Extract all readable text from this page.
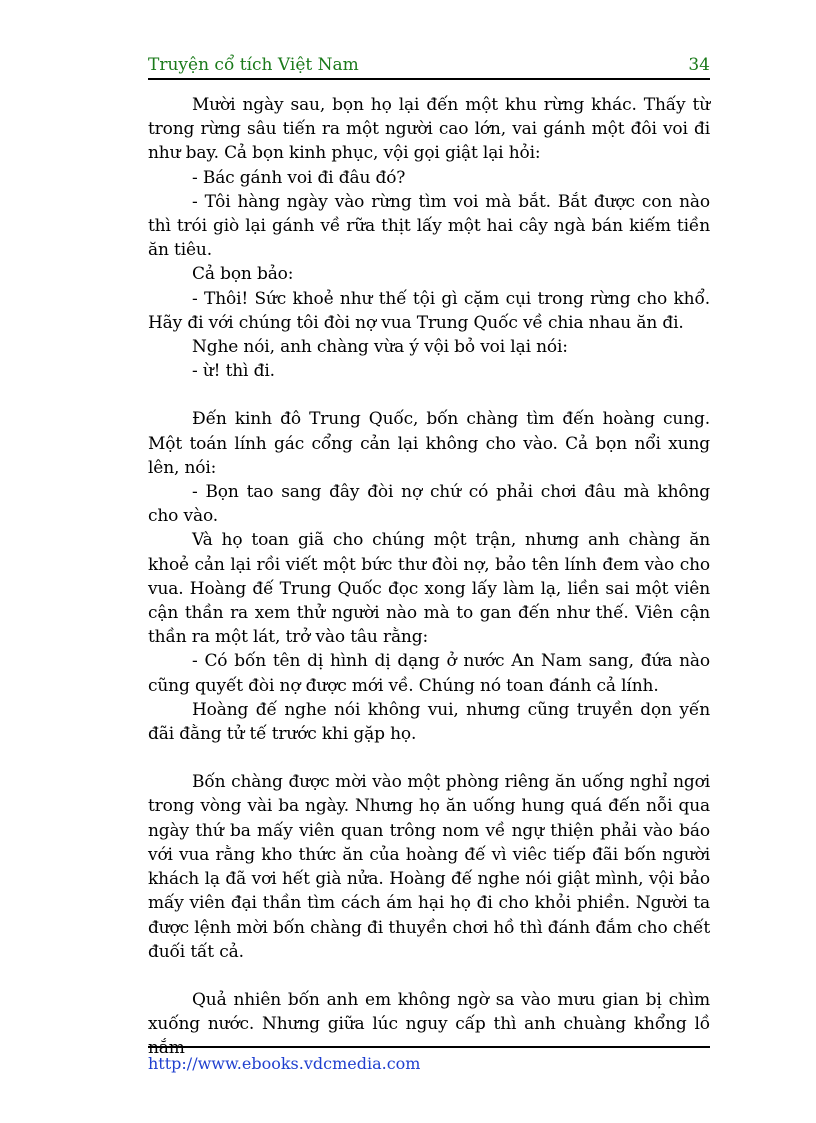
Truyện cổ tích Việt Nam	34

Mười ngày sau, bọn họ lại đến một khu rừng khác. Thấy từ trong rừng sâu tiến ra một người cao lớn, vai gánh một đôi voi đi như bay. Cả bọn kinh phục, vội gọi giật lại hỏi:

- Bác gánh voi đi đâu đó?

- Tôi hàng ngày vào rừng tìm voi mà bắt. Bắt được con nào thì trói giò lại gánh về rữa thịt lấy một hai cây ngà bán kiếm tiền ăn tiêu.

Cả bọn bảo:

- Thôi! Sức khoẻ như thế tội gì cặm cụi trong rừng cho khổ. Hãy đi với chúng tôi đòi nợ vua Trung Quốc về chia nhau ăn đi.

Nghe nói, anh chàng vừa ý vội bỏ voi lại nói:

- ừ! thì đi.

Đến kinh đô Trung Quốc, bốn chàng tìm đến hoàng cung. Một toán lính gác cổng cản lại không cho vào. Cả bọn nổi xung lên, nói:

- Bọn tao sang đây đòi nợ chứ có phải chơi đâu mà không cho vào.

Và họ toan giã cho chúng một trận, nhưng anh chàng ăn khoẻ cản lại rồi viết một bức thư đòi nợ, bảo tên lính đem vào cho vua. Hoàng đế Trung Quốc đọc xong lấy làm lạ, liền sai một viên cận thần ra xem thử người nào mà to gan đến như thế. Viên cận thần ra một lát, trở vào tâu rằng:

- Có bốn tên dị hình dị dạng ở nước An Nam sang, đứa nào cũng quyết đòi nợ được mới về. Chúng nó toan đánh cả lính.

Hoàng đế nghe nói không vui, nhưng cũng truyền dọn yến đãi đằng tử tế trước khi gặp họ.

Bốn chàng được mời vào một phòng riêng ăn uống nghỉ ngơi trong vòng vài ba ngày. Nhưng họ ăn uống hung quá đến nỗi qua ngày thứ ba mấy viên quan trông nom về ngự thiện phải vào báo với vua rằng kho thức ăn của hoàng đế vì viêc tiếp đãi bốn người khách lạ đã vơi hết già nửa. Hoàng đế nghe nói giật mình, vội bảo mấy viên đại thần tìm cách ám hại họ đi cho khỏi phiền. Người ta được lệnh mời bốn chàng đi thuyền chơi hồ thì đánh đắm cho chết đuối tất cả.

Quả nhiên bốn anh em không ngờ sa vào mưu gian bị chìm xuống nước. Nhưng giữa lúc nguy cấp thì anh chuàng khổng lồ nắm

http://www.ebooks.vdcmedia.com
